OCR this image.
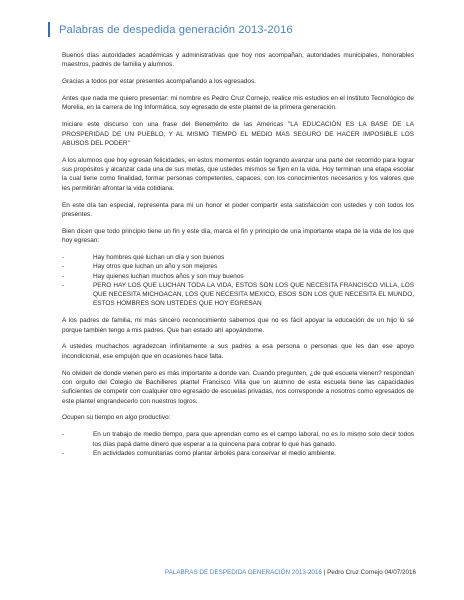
Palabras de despedida generación 2013-2016

Buenos días autoridades académicas y administrativas que hoy nos acompañan, autoridades municipales, honorables maestros, padres de familia y alumnos.

Gracias a todos por estar presentes acompañando a los egresados.

Antes que nada me quiero presentar: mi nombre es Pedro Cruz Cornejo, realice mis estudios en el Instituto Tecnológico de Morelia, en la carrera de Ing Informática, soy egresado de este plantel de la primera generación.

Iniciare este discurso con una frase del Benemérito de las Américas "LA EDUCACIÓN ES LA BASE DE LA PROSPERIDAD DE UN PUEBLO, Y AL MISMO TIEMPO EL MEDIO MAS SEGURO DE HACER IMPOSIBLE LOS ABUSOS DEL PODER"

A los alumnos que hoy egresan felicidades, en estos momentos están logrando avanzar una parte del recorrido para lograr sus propósitos y alcanzar cada una de sus metas, que ustedes mismos se fijen en la vida. Hoy terminan una etapa escolar la cual tiene como finalidad, formar personas competentes, capaces, con los conocimientos necesarios y los valores que les permitirán afrontar la vida cotidiana.

En este día tan especial, representa para mí un honor el poder compartir esta satisfacción con ustedes y con todos los presentes.

Bien dicen que todo principio tiene un fin y este día, marca el fin y principio de una importante etapa de la vida de los que hoy egresan:

- Hay hombres que luchan un día y son buenos
- Hay otros que luchan un año y son mejores
- Hay quienes luchan muchos años y son muy buenos
- PERO HAY LOS QUE LUCHAN TODA LA VIDA, ESTOS SON LOS QUE NECESITA FRANCISCO VILLA, LOS QUE NECESITA MICHOACAN, LOS QUE NECESITA MEXICO, ESOS SON LOS QUE NECESITA EL MUNDO, ESTOS HOMBRES SON USTEDES QUE HOY EGRESAN

A los padres de familia, mi más sincero reconocimiento sabemos que no es fácil apoyar la educación de un hijo lo sé porque también tengo a mis padres. Que han estado ahí apoyándome.

A ustedes muchachos agradezcan infinitamente a sus padres a esa persona o personas que les dan ese apoyo incondicional, ese empujón que en ocasiones hace falta.

No olviden de donde vienen pero es más importante a donde van. Cuando pregunten, ¿de qué escuela vienen? respondan con orgullo del Colegio de Bachilleres plantel Francisco Villa que un alumno de esta escuela tiene las capacidades suficientes de competir con cualquier otro egresado de escuelas privadas, nos corresponde a nosotros como egresados de este plantel engrandecerlo con nuestros logros.

Ocupen su tiempo en algo productivo:

- En un trabajo de medio tiempo, para que aprendan como es el campo laboral, no es lo mismo solo decir todos los días papá dame dinero que esperar a la quincena para cobrar lo que has ganado.
- En actividades comunitarias como plantar árboles para conservar el medio ambiente.
PALABRAS DE DESPEDIDA GENERACIÓN 2013-2016 | Pedro Cruz Cornejo 04/07/2016
